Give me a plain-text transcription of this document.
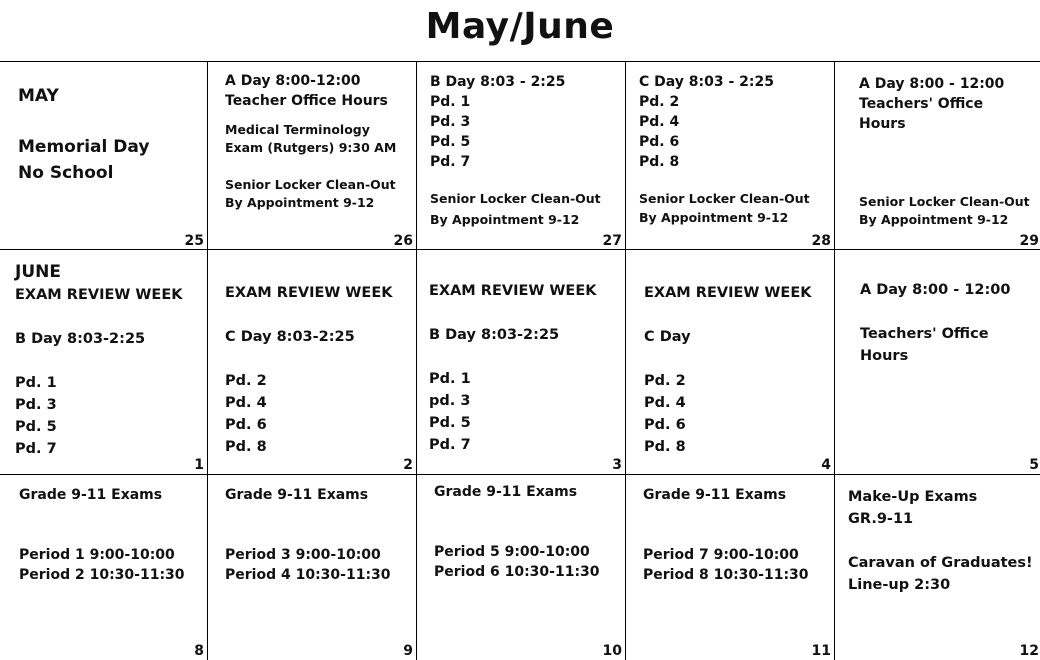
May/June
MAY
Memorial Day
No School
25
A Day 8:00-12:00
Teacher Office Hours
Medical Terminology
Exam (Rutgers) 9:30 AM
Senior Locker Clean-Out
By Appointment 9-12
26
B Day 8:03 - 2:25
Pd. 1
Pd. 3
Pd. 5
Pd. 7
Senior Locker Clean-Out
By Appointment 9-12
27
C Day 8:03 - 2:25
Pd. 2
Pd. 4
Pd. 6
Pd. 8
Senior Locker Clean-Out
By Appointment 9-12
28
A Day 8:00 - 12:00
Teachers' Office
Hours
Senior Locker Clean-Out
By Appointment 9-12
29
JUNE
EXAM REVIEW WEEK
B Day 8:03-2:25
Pd. 1
Pd. 3
Pd. 5
Pd. 7
1
EXAM REVIEW WEEK
C Day 8:03-2:25
Pd. 2
Pd. 4
Pd. 6
Pd. 8
2
EXAM REVIEW WEEK
B Day 8:03-2:25
Pd. 1
pd. 3
Pd. 5
Pd. 7
3
EXAM REVIEW WEEK
C Day
Pd. 2
Pd. 4
Pd. 6
Pd. 8
4
A Day 8:00 - 12:00
Teachers' Office
Hours
5
Grade 9-11 Exams
Period 1 9:00-10:00
Period 2 10:30-11:30
8
Grade 9-11 Exams
Period 3 9:00-10:00
Period 4 10:30-11:30
9
Grade 9-11 Exams
Period 5 9:00-10:00
Period 6 10:30-11:30
10
Grade 9-11 Exams
Period 7 9:00-10:00
Period 8 10:30-11:30
11
Make-Up Exams
GR.9-11
Caravan of Graduates!
Line-up 2:30
12
